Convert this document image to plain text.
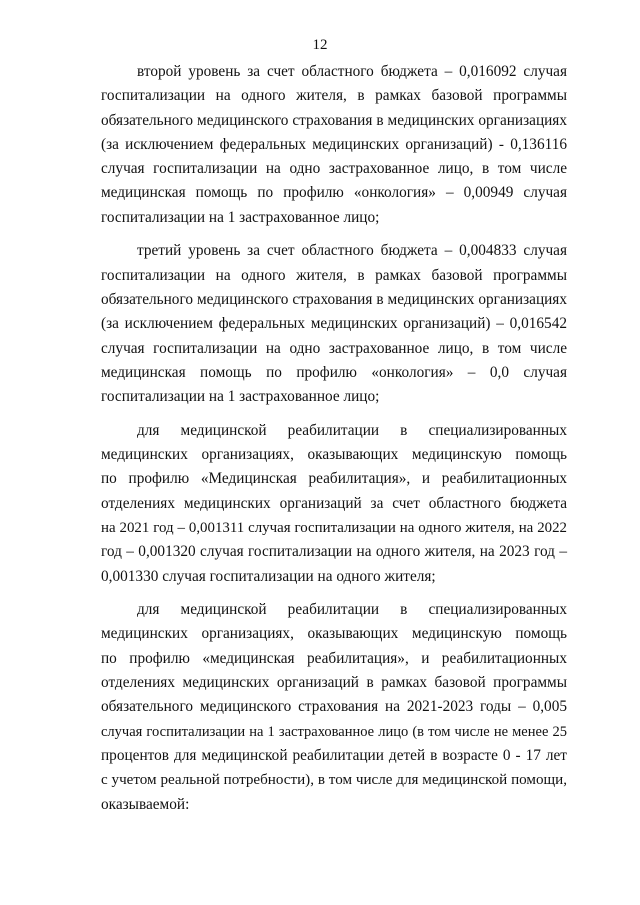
12
второй уровень за счет областного бюджета – 0,016092 случая
госпитализации на одного жителя, в рамках базовой программы
обязательного медицинского страхования в медицинских организациях
(за исключением федеральных медицинских организаций) - 0,136116
случая госпитализации на одно застрахованное лицо, в том числе
медицинская помощь по профилю «онкология» – 0,00949 случая
госпитализации на 1 застрахованное лицо;
третий уровень за счет областного бюджета – 0,004833 случая
госпитализации на одного жителя, в рамках базовой программы
обязательного медицинского страхования в медицинских организациях
(за исключением федеральных медицинских организаций) – 0,016542
случая госпитализации на одно застрахованное лицо, в том числе
медицинская помощь по профилю «онкология» – 0,0 случая
госпитализации на 1 застрахованное лицо;
для медицинской реабилитации в специализированных
медицинских организациях, оказывающих медицинскую помощь
по профилю «Медицинская реабилитация», и реабилитационных
отделениях медицинских организаций за счет областного бюджета
на 2021 год – 0,001311 случая госпитализации на одного жителя, на 2022
год – 0,001320 случая госпитализации на одного жителя, на 2023 год –
0,001330 случая госпитализации на одного жителя;
для медицинской реабилитации в специализированных
медицинских организациях, оказывающих медицинскую помощь
по профилю «медицинская реабилитация», и реабилитационных
отделениях медицинских организаций в рамках базовой программы
обязательного медицинского страхования на 2021-2023 годы – 0,005
случая госпитализации на 1 застрахованное лицо (в том числе не менее 25
процентов для медицинской реабилитации детей в возрасте 0 - 17 лет
с учетом реальной потребности), в том числе для медицинской помощи,
оказываемой:
